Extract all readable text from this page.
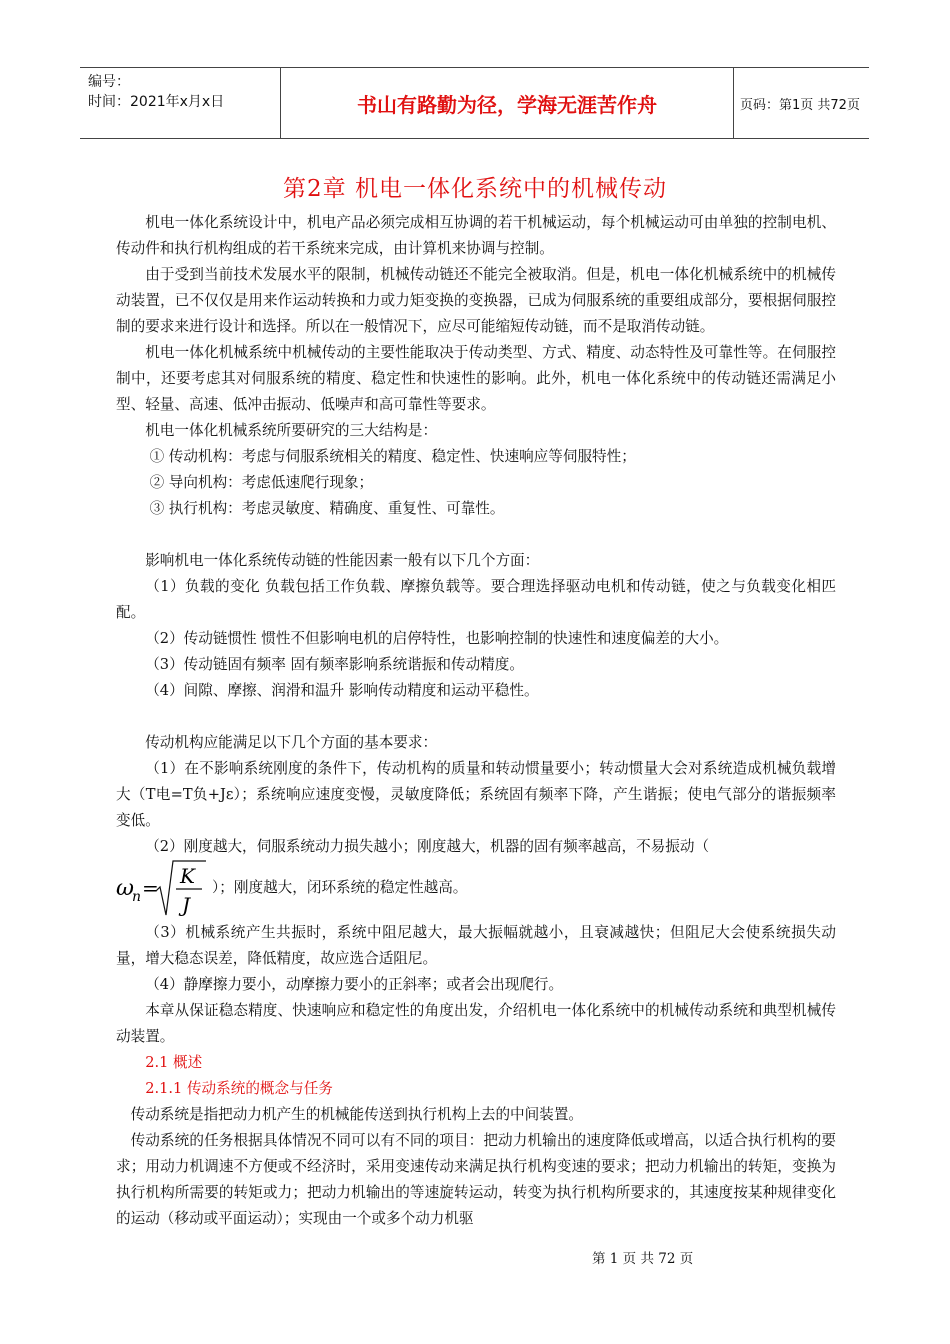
编号：
时间：2021年x月x日	书山有路勤为径，学海无涯苦作舟	页码：第1页 共72页
第2章 机电一体化系统中的机械传动

机电一体化系统设计中，机电产品必须完成相互协调的若干机械运动，每个机械运动可由单独的控制电机、传动件和执行机构组成的若干系统来完成，由计算机来协调与控制。

由于受到当前技术发展水平的限制，机械传动链还不能完全被取消。但是，机电一体化机械系统中的机械传动装置，已不仅仅是用来作运动转换和力或力矩变换的变换器，已成为伺服系统的重要组成部分，要根据伺服控制的要求来进行设计和选择。所以在一般情况下，应尽可能缩短传动链，而不是取消传动链。

机电一体化机械系统中机械传动的主要性能取决于传动类型、方式、精度、动态特性及可靠性等。在伺服控制中，还要考虑其对伺服系统的精度、稳定性和快速性的影响。此外，机电一体化系统中的传动链还需满足小型、轻量、高速、低冲击振动、低噪声和高可靠性等要求。

机电一体化机械系统所要研究的三大结构是：

① 传动机构：考虑与伺服系统相关的精度、稳定性、快速响应等伺服特性；

② 导向机构：考虑低速爬行现象；

③ 执行机构：考虑灵敏度、精确度、重复性、可靠性。

影响机电一体化系统传动链的性能因素一般有以下几个方面：

（1）负载的变化 负载包括工作负载、摩擦负载等。要合理选择驱动电机和传动链，使之与负载变化相匹配。

（2）传动链惯性 惯性不但影响电机的启停特性，也影响控制的快速性和速度偏差的大小。

（3）传动链固有频率 固有频率影响系统谐振和传动精度。

（4）间隙、摩擦、润滑和温升 影响传动精度和运动平稳性。

传动机构应能满足以下几个方面的基本要求：

（1）在不影响系统刚度的条件下，传动机构的质量和转动惯量要小；转动惯量大会对系统造成机械负载增大（T电=T负+Jε）；系统响应速度变慢，灵敏度降低；系统固有频率下降，产生谐振；使电气部分的谐振频率变低。

（2）刚度越大，伺服系统动力损失越小；刚度越大，机器的固有频率越高，不易振动（

ω
n = K
J
）；刚度越大，闭环系统的稳定性越高。

（3）机械系统产生共振时，系统中阻尼越大，最大振幅就越小，且衰减越快；但阻尼大会使系统损失动量，增大稳态误差，降低精度，故应选合适阻尼。

（4）静摩擦力要小，动摩擦力要小的正斜率；或者会出现爬行。

本章从保证稳态精度、快速响应和稳定性的角度出发，介绍机电一体化系统中的机械传动系统和典型机械传动装置。

2.1 概述

2.1.1 传动系统的概念与任务

传动系统是指把动力机产生的机械能传送到执行机构上去的中间装置。

传动系统的任务根据具体情况不同可以有不同的项目：把动力机输出的速度降低或增高，以适合执行机构的要求；用动力机调速不方便或不经济时，采用变速传动来满足执行机构变速的要求；把动力机输出的转矩，变换为执行机构所需要的转矩或力；把动力机输出的等速旋转运动，转变为执行机构所要求的，其速度按某种规律变化的运动（移动或平面运动）；实现由一个或多个动力机驱

第 1 页 共 72 页
